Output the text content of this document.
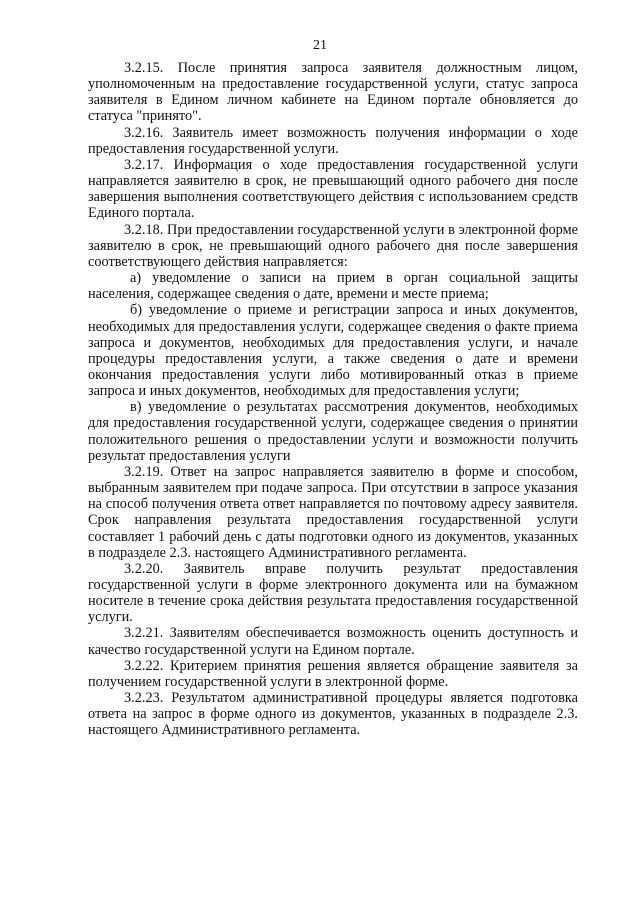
21

3.2.15. После принятия запроса заявителя должностным лицом, уполномоченным на предоставление государственной услуги, статус запроса заявителя в Едином личном кабинете на Едином портале обновляется до статуса "принято".

3.2.16. Заявитель имеет возможность получения информации о ходе предоставления государственной услуги.

3.2.17. Информация о ходе предоставления государственной услуги направляется заявителю в срок, не превышающий одного рабочего дня после завершения выполнения соответствующего действия с использованием средств Единого портала.

3.2.18. При предоставлении государственной услуги в электронной форме заявителю в срок, не превышающий одного рабочего дня после завершения соответствующего действия направляется:

а) уведомление о записи на прием в орган социальной защиты населения, содержащее сведения о дате, времени и месте приема;

б) уведомление о приеме и регистрации запроса и иных документов, необходимых для предоставления услуги, содержащее сведения о факте приема запроса и документов, необходимых для предоставления услуги, и начале процедуры предоставления услуги, а также сведения о дате и времени окончания предоставления услуги либо мотивированный отказ в приеме запроса и иных документов, необходимых для предоставления услуги;

в) уведомление о результатах рассмотрения документов, необходимых для предоставления государственной услуги, содержащее сведения о принятии положительного решения о предоставлении услуги и возможности получить результат предоставления услуги

3.2.19. Ответ на запрос направляется заявителю в форме и способом, выбранным заявителем при подаче запроса. При отсутствии в запросе указания на способ получения ответа ответ направляется по почтовому адресу заявителя. Срок направления результата предоставления государственной услуги составляет 1 рабочий день с даты подготовки одного из документов, указанных в подразделе 2.3. настоящего Административного регламента.

3.2.20. Заявитель вправе получить результат предоставления государственной услуги в форме электронного документа или на бумажном носителе в течение срока действия результата предоставления государственной услуги.

3.2.21. Заявителям обеспечивается возможность оценить доступность и качество государственной услуги на Едином портале.

3.2.22. Критерием принятия решения является обращение заявителя за получением государственной услуги в электронной форме.

3.2.23. Результатом административной процедуры является подготовка ответа на запрос в форме одного из документов, указанных в подразделе 2.3. настоящего Административного регламента.
